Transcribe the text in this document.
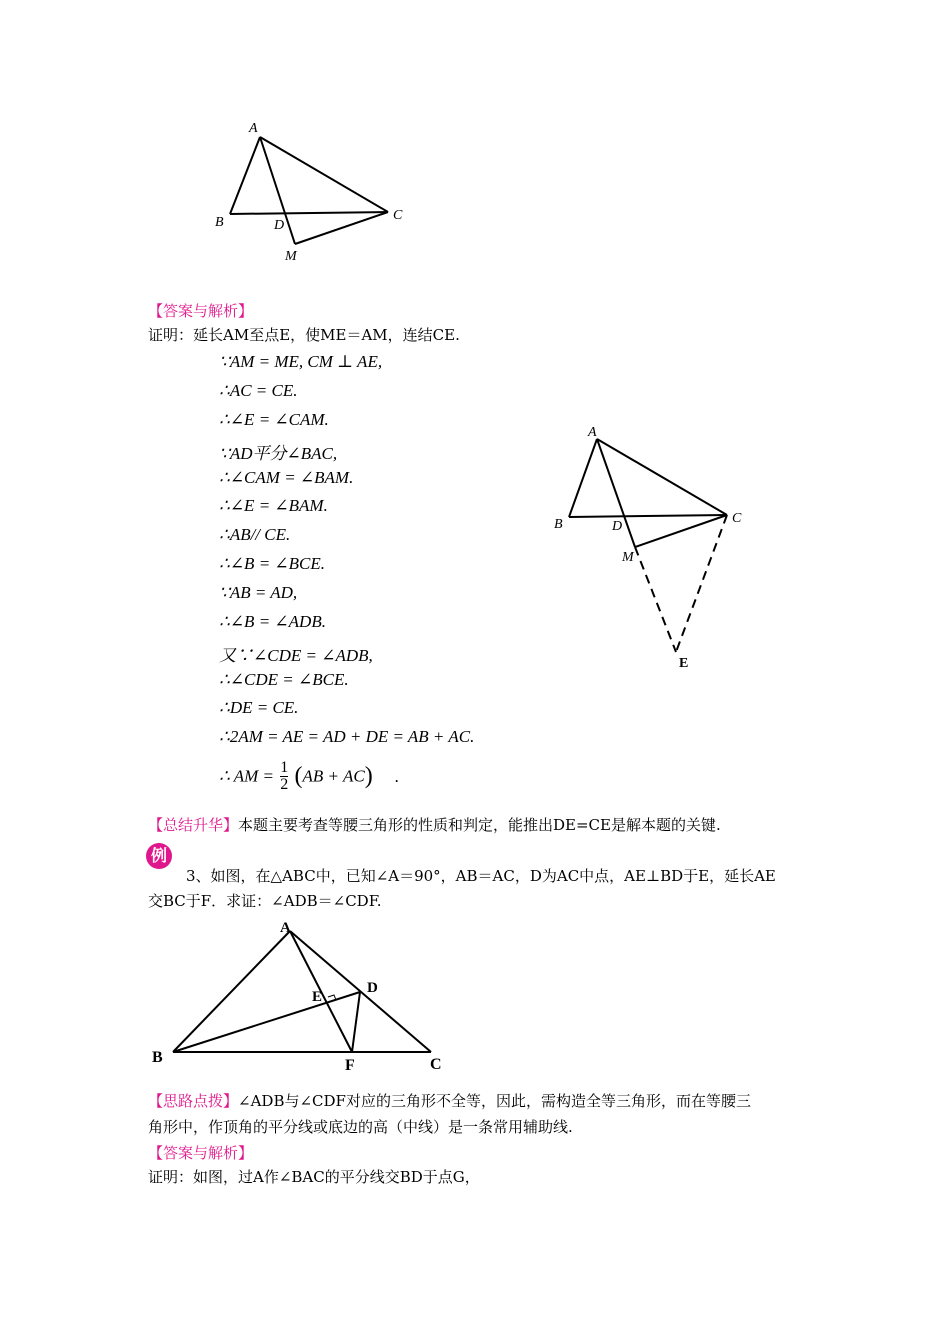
A
B	C
D
M
【答案与解析】
证明：延长AM至点E，使ME＝AM，连结CE.
∵AM = ME, CM ⊥ AE,
∴AC = CE.
∴∠E = ∠CAM.
∵AD平分∠BAC,
∴∠CAM = ∠BAM.
∴∠E = ∠BAM.
∴AB// CE.
∴∠B = ∠BCE.
∵AB = AD,
∴∠B = ∠ADB.
又∵∠CDE = ∠ADB,
∴∠CDE = ∠BCE.
∴DE = CE.
∴2AM = AE = AD + DE = AB + AC.
∴ AM = $\frac{1}{2} (AB + AC)$ .
A
B	C
D
M
E
【总结升华】本题主要考查等腰三角形的性质和判定，能推出DE=CE是解本题的关键.
例
3、如图，在△ABC中，已知∠A＝90°，AB＝AC，D为AC中点，AE⊥BD于E，延长AE
交BC于F．求证：∠ADB＝∠CDF.
A
B	C
D
E
F
【思路点拨】∠ADB与∠CDF对应的三角形不全等，因此，需构造全等三角形，而在等腰三
角形中，作顶角的平分线或底边的高（中线）是一条常用辅助线.
【答案与解析】
证明：如图，过A作∠BAC的平分线交BD于点G，
